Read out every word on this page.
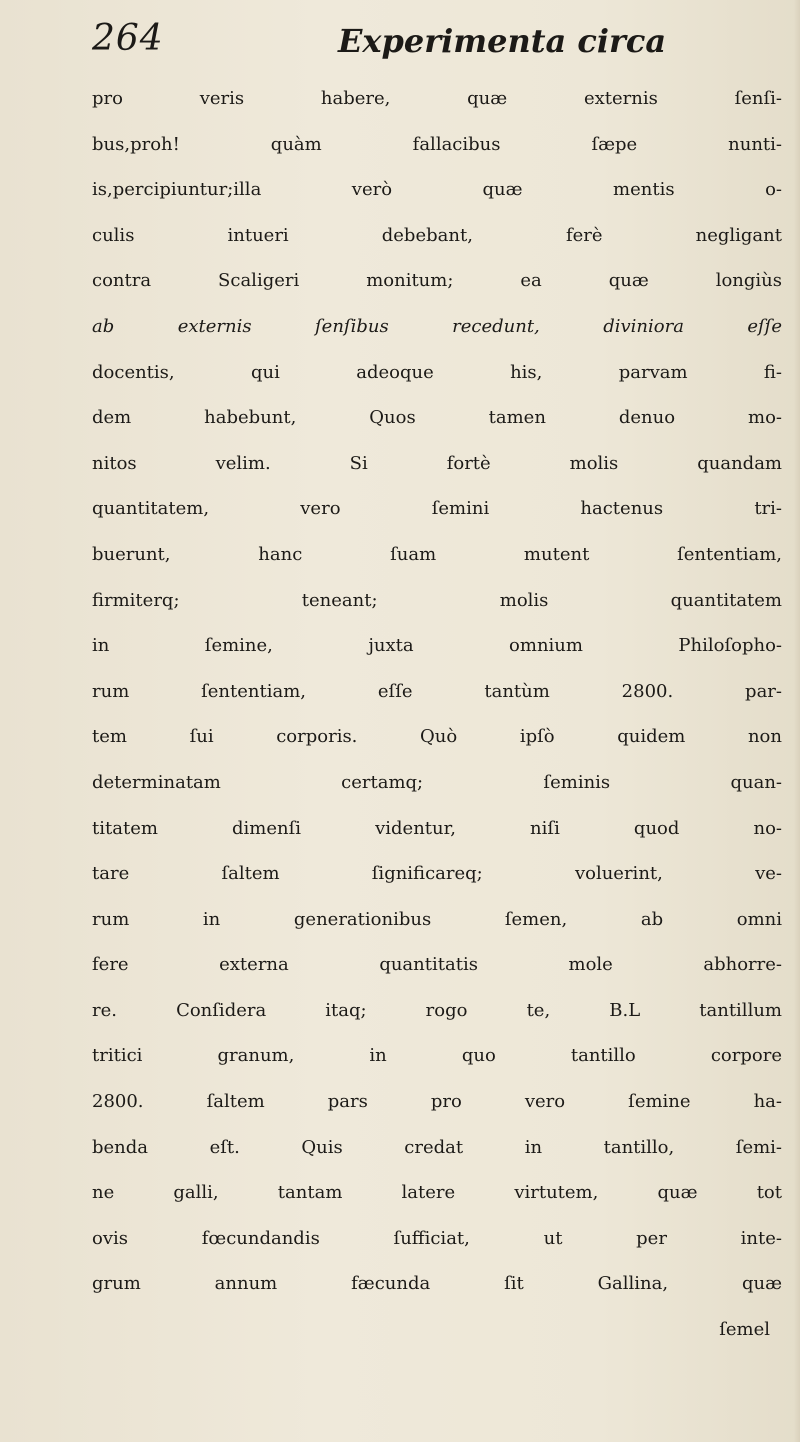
264	Experimenta circa
pro veris habere, quæ externis ſenſi-
bus,proh! quàm fallacibus ſæpe nunti-
is,percipiuntur;illa verò quæ mentis o-
culis intueri debebant, ferè negligant
contra Scaligeri monitum; ea quæ longiùs
ab externis ſenſibus recedunt, diviniora eſſe
docentis, qui adeoque his, parvam fi-
dem habebunt, Quos tamen denuo mo-
nitos velim. Si fortè molis quandam
quantitatem, vero ſemini hactenus tri-
buerunt, hanc ſuam mutent ſententiam,
firmiterq; teneant; molis quantitatem
in ſemine, juxta omnium Philoſopho-
rum ſententiam, eſſe tantùm 2800. par-
tem ſui corporis. Quò ipſò quidem non
determinatam certamq; ſeminis quan-
titatem dimenſi videntur, niſi quod no-
tare ſaltem ſignificareq; voluerint, ve-
rum in generationibus ſemen, ab omni
fere externa quantitatis mole abhorre-
re. Conſidera itaq; rogo te, B.L tantillum
tritici granum, in quo tantillo corpore
2800. ſaltem pars pro vero ſemine ha-
benda eſt. Quis credat in tantillo, ſemi-
ne galli, tantam latere virtutem, quæ tot
ovis fœcundandis ſufficiat, ut per inte-
grum annum fæcunda ſit Gallina, quæ
ſemel
